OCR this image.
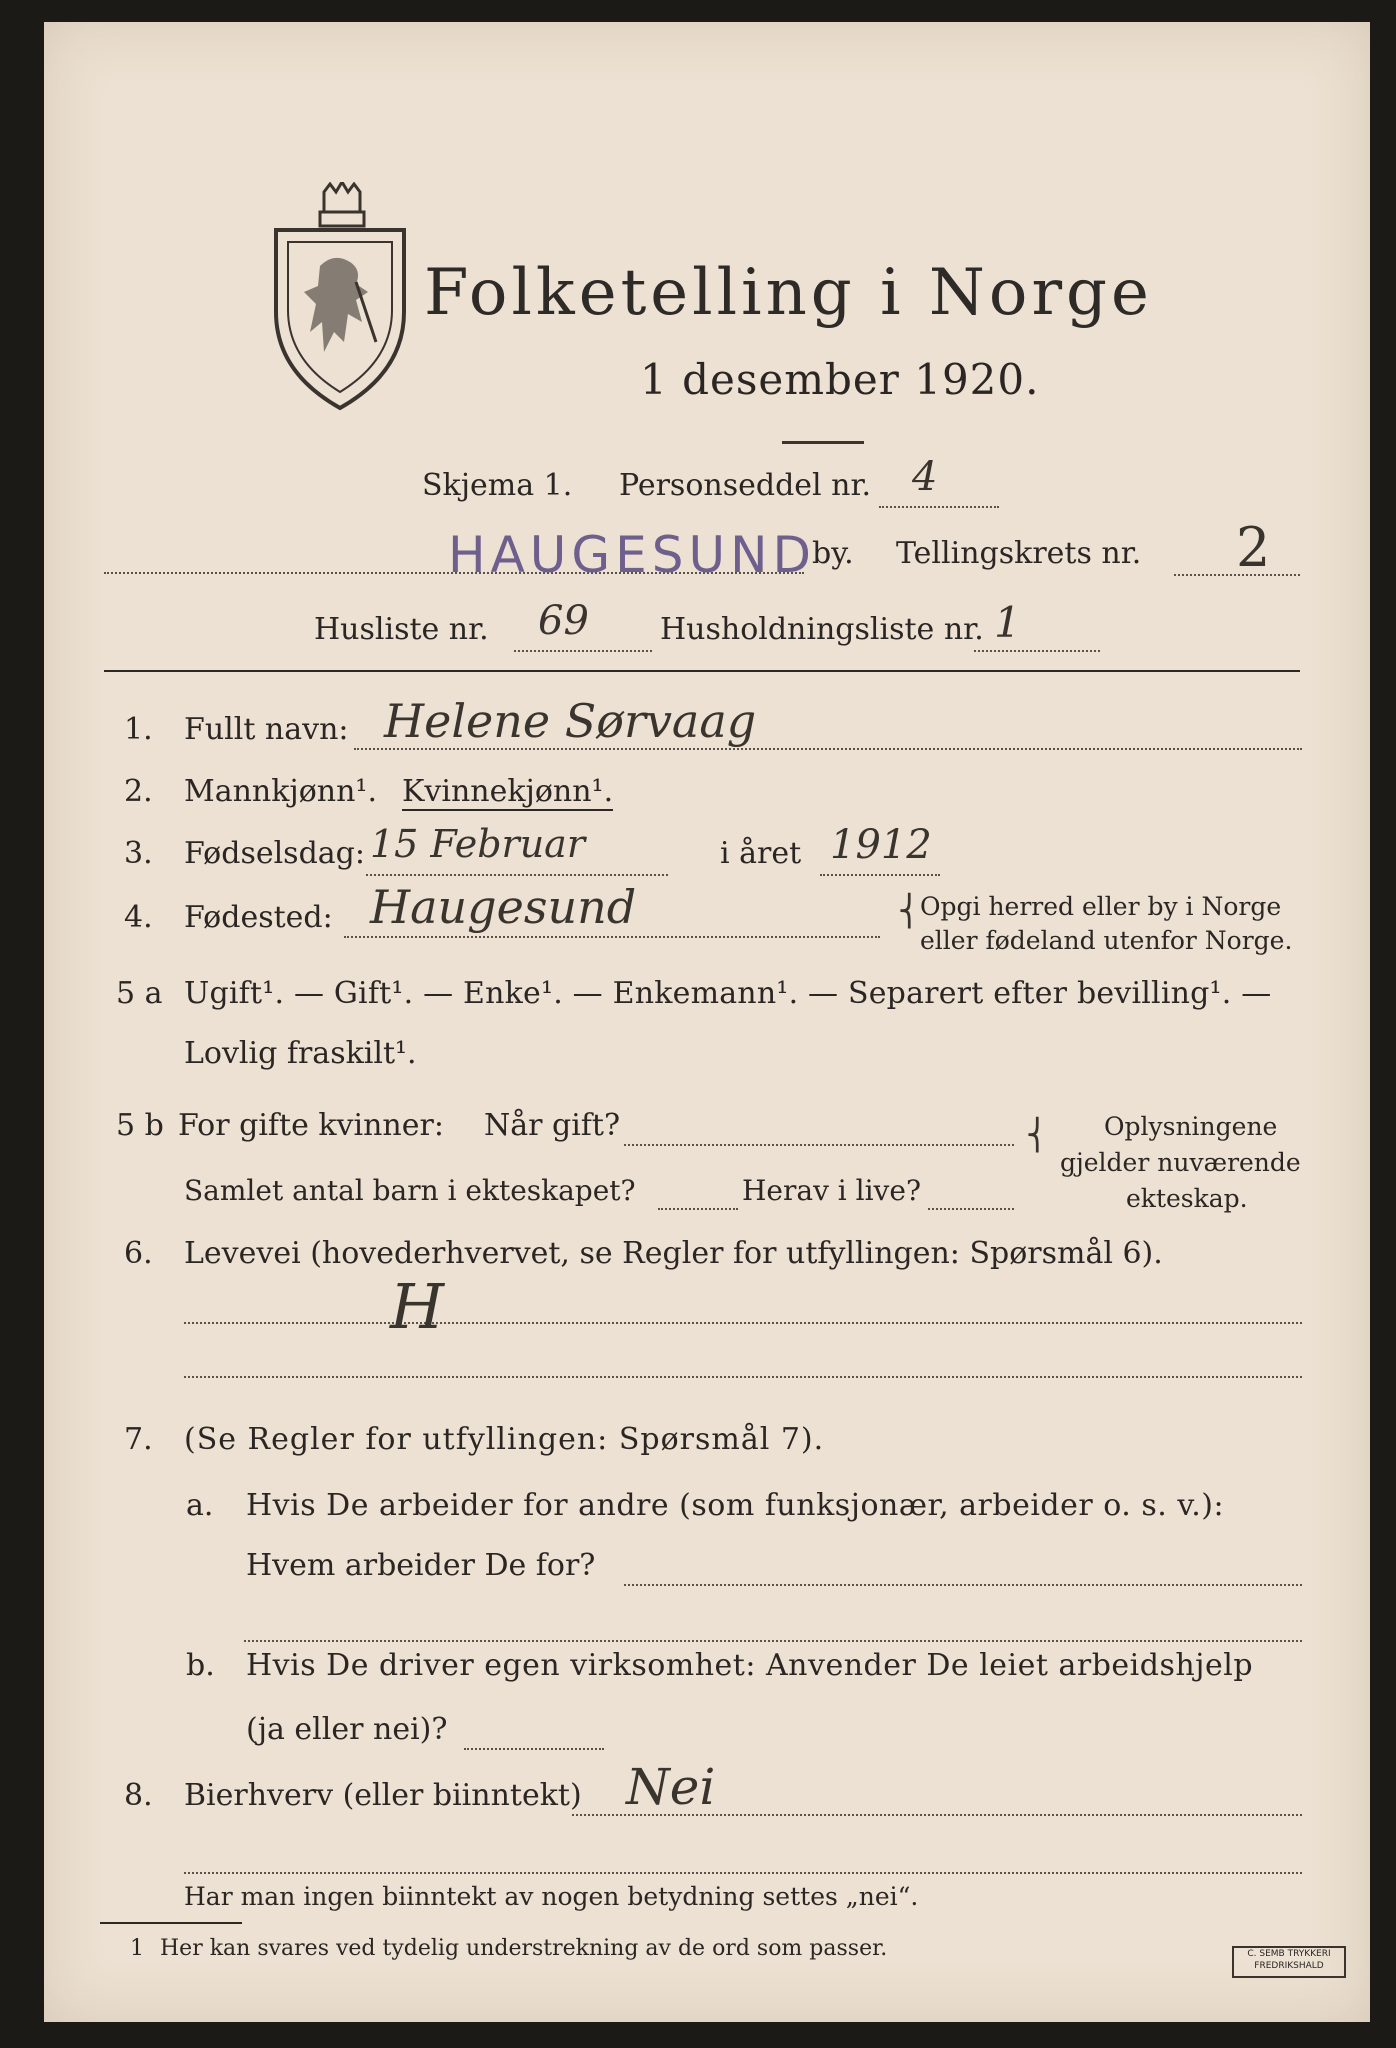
Folketelling i Norge
1 desember 1920.
Skjema 1. Personseddel nr. 4
HAUGESUND
by. Tellingskrets nr. 2
Husliste nr. 69 Husholdningsliste nr. 1
1. Fullt navn: Helene Sørvaag
2. Mannkjønn¹. Kvinnekjønn¹.
3. Fødselsdag: 15 Februar	i året 1912
4. Fødested: Haugesund	⎨ Opgi herred eller by i Norge
eller fødeland utenfor Norge.
5 a Ugift¹. — Gift¹. — Enke¹. — Enkemann¹. — Separert efter bevilling¹. —
Lovlig fraskilt¹.
5 b For gifte kvinner: Når gift?
Samlet antal barn i ekteskapet?	Herav i live?
⎨ Oplysningene
gjelder nuværende
ekteskap.
6. Levevei (hovederhvervet, se Regler for utfyllingen: Spørsmål 6).
H
7. (Se Regler for utfyllingen: Spørsmål 7).
a. Hvis De arbeider for andre (som funksjonær, arbeider o. s. v.):
Hvem arbeider De for?
b. Hvis De driver egen virksomhet: Anvender De leiet arbeidshjelp
(ja eller nei)?
8. Bierhverv (eller biinntekt) Nei
Har man ingen biinntekt av nogen betydning settes „nei“.
1 Her kan svares ved tydelig understrekning av de ord som passer.	C. SEMB TRYKKERI
FREDRIKSHALD
